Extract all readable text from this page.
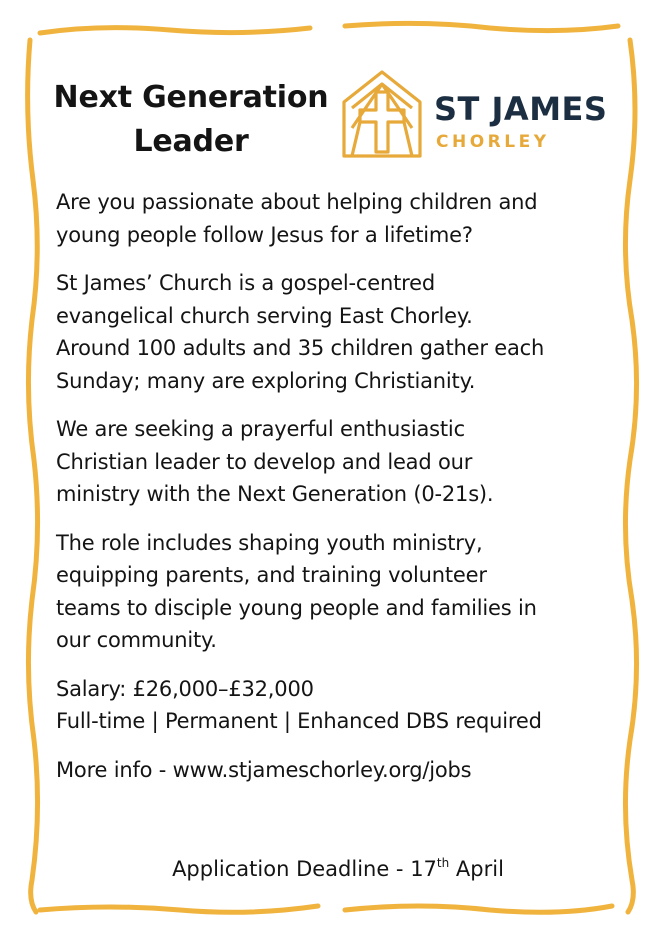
Next Generation
Leader
ST JAMES
CHORLEY
Are you passionate about helping children and
young people follow Jesus for a lifetime?
St James’ Church is a gospel-centred
evangelical church serving East Chorley.
Around 100 adults and 35 children gather each
Sunday; many are exploring Christianity.
We are seeking a prayerful enthusiastic
Christian leader to develop and lead our
ministry with the Next Generation (0-21s).
The role includes shaping youth ministry,
equipping parents, and training volunteer
teams to disciple young people and families in
our community.
Salary: £26,000–£32,000
Full-time | Permanent | Enhanced DBS required

More info - www.stjameschorley.org/jobs

Application Deadline - 17th April
